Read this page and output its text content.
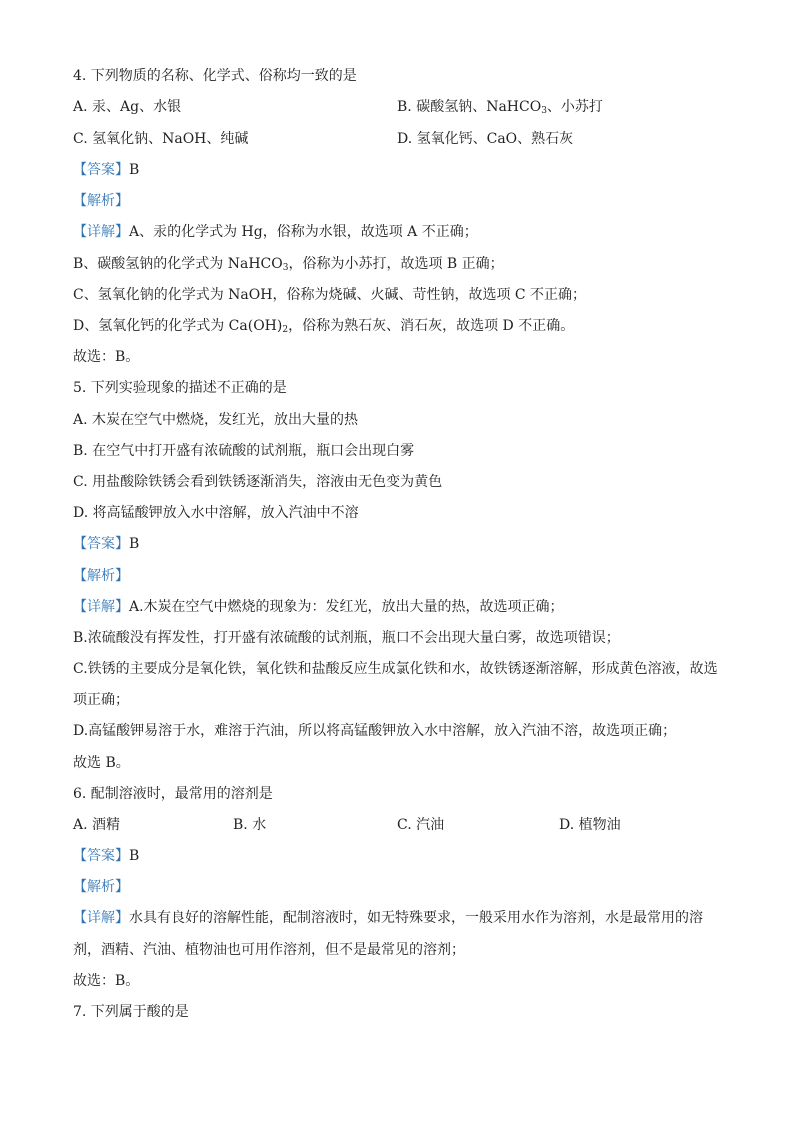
4. 下列物质的名称、化学式、俗称均一致的是
A. 汞、Ag、水银	B. 碳酸氢钠、NaHCO$_3$、小苏打
C. 氢氧化钠、NaOH、纯碱	D. 氢氧化钙、CaO、熟石灰
【答案】B
【解析】
【详解】A、汞的化学式为 Hg，俗称为水银，故选项 A 不正确；
B、碳酸氢钠的化学式为 NaHCO$_3$，俗称为小苏打，故选项 B 正确；
C、氢氧化钠的化学式为 NaOH，俗称为烧碱、火碱、苛性钠，故选项 C 不正确；
D、氢氧化钙的化学式为 $Ca(OH)_2$，俗称为熟石灰、消石灰，故选项 D 不正确。
故选：B。
5. 下列实验现象的描述不正确的是
A. 木炭在空气中燃烧，发红光，放出大量的热
B. 在空气中打开盛有浓硫酸的试剂瓶，瓶口会出现白雾
C. 用盐酸除铁锈会看到铁锈逐渐消失，溶液由无色变为黄色
D. 将高锰酸钾放入水中溶解，放入汽油中不溶
【答案】B
【解析】
【详解】A.木炭在空气中燃烧的现象为：发红光，放出大量的热，故选项正确；
B.浓硫酸没有挥发性，打开盛有浓硫酸的试剂瓶，瓶口不会出现大量白雾，故选项错误；
C.铁锈的主要成分是氧化铁，氧化铁和盐酸反应生成氯化铁和水，故铁锈逐渐溶解，形成黄色溶液，故选
项正确；
D.高锰酸钾易溶于水，难溶于汽油，所以将高锰酸钾放入水中溶解，放入汽油不溶，故选项正确；
故选 B。
6. 配制溶液时，最常用的溶剂是
A. 酒精	B. 水	C. 汽油	D. 植物油
【答案】B
【解析】
【详解】水具有良好的溶解性能，配制溶液时，如无特殊要求，一般采用水作为溶剂，水是最常用的溶
剂，酒精、汽油、植物油也可用作溶剂，但不是最常见的溶剂；
故选：B。
7. 下列属于酸的是
